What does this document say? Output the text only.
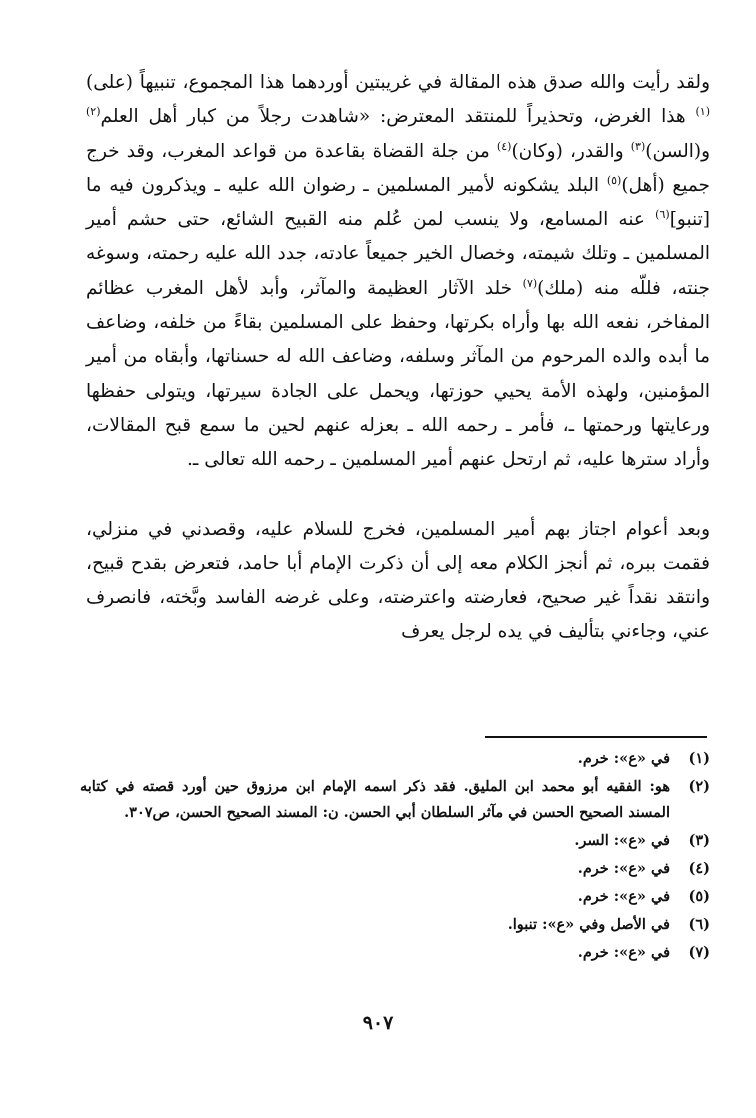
ولقد رأيت والله صدق هذه المقالة في غريبتين أوردهما هذا المجموع، تنبيهاً (على)$^{(١)}$ هذا الغرض، وتحذيراً للمنتقد المعترض: «شاهدت رجلاً من كبار أهل العلم$^{(٢)}$ و(السن)$^{(٣)}$ والقدر، (وكان)$^{(٤)}$ من جلة القضاة بقاعدة من قواعد المغرب، وقد خرج جميع (أهل)$^{(٥)}$ البلد يشكونه لأمير المسلمين ـ رضوان الله عليه ـ ويذكرون فيه ما [تنبو]$^{(٦)}$ عنه المسامع، ولا ينسب لمن عُلم منه القبيح الشائع، حتى حشم أمير المسلمين ـ وتلك شيمته، وخصال الخير جميعاً عادته، جدد الله عليه رحمته، وسوغه جنته، فللّه منه (ملك)$^{(٧)}$ خلد الآثار العظيمة والمآثر، وأبد لأهل المغرب عظائم المفاخر، نفعه الله بها وأراه بكرتها، وحفظ على المسلمين بقاءً من خلفه، وضاعف ما أبده والده المرحوم من المآثر وسلفه، وضاعف الله له حسناتها، وأبقاه من أمير المؤمنين، ولهذه الأمة يحيي حوزتها، ويحمل على الجادة سيرتها، ويتولى حفظها ورعايتها ورحمتها ـ، فأمر ـ رحمه الله ـ بعزله عنهم لحين ما سمع قبح المقالات، وأراد سترها عليه، ثم ارتحل عنهم أمير المسلمين ـ رحمه الله تعالى ـ.

وبعد أعوام اجتاز بهم أمير المسلمين، فخرج للسلام عليه، وقصدني في منزلي، فقمت ببره، ثم أنجز الكلام معه إلى أن ذكرت الإمام أبا حامد، فتعرض بقدح قبيح، وانتقد نقداً غير صحيح، فعارضته واعترضته، وعلى غرضه الفاسد وبَّخته، فانصرف عني، وجاءني بتأليف في يده لرجل يعرف

(١)
في «ع»: خرم.
(٢)
هو: الفقيه أبو محمد ابن المليق. فقد ذكر اسمه الإمام ابن مرزوق حين أورد قصته في كتابه المسند الصحيح الحسن في مآثر السلطان أبي الحسن. ن: المسند الصحيح الحسن، ص٣٠٧.
(٣)
في «ع»: السر.
(٤)
في «ع»: خرم.
(٥)
في «ع»: خرم.
(٦)
في الأصل وفي «ع»: تنبوا.
(٧)
في «ع»: خرم.
٩٠٧
